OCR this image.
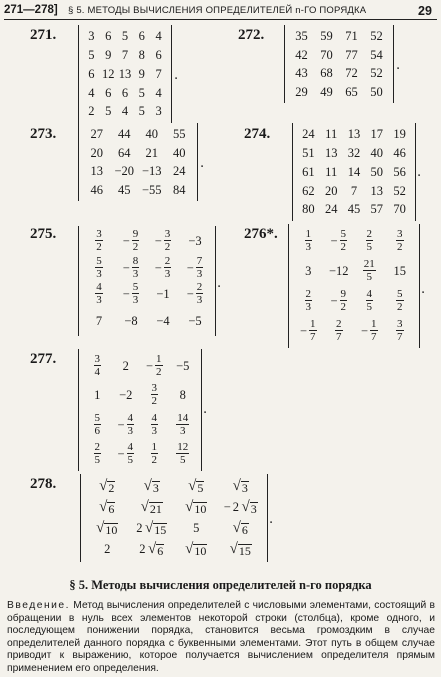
271—278] § 5. МЕТОДЫ ВЫЧИСЛЕНИЯ ОПРЕДЕЛИТЕЛЕЙ n-ГО ПОРЯДКА	29
271.	272.
273.	274.
275.	276*.
277.
278.
3 6 5 6 4
5 9 7 8 6
6 12 13 9 7
4 6 6 5 4
2 5 4 5 3
.
35 59 71 52
42 70 77 54
43 68 72 52
29 49 65 50
.
27 44 40 55
20 64 21 40
13 −20 −13 24
46 45 −55 84
.
24 11 13 17 19
51 13 32 40 46
61 11 14 50 56
62 20 7 13 52
80 24 45 57 70
.
$\frac{3}{2} - \frac{9}{2} - \frac{3}{2} -3$
$\frac{5}{3} - \frac{8}{3} - \frac{2}{3} - \frac{7}{3}$
$\frac{4}{3} - \frac{5}{3} -1 - \frac{2}{3}$
7 −8 −4 −5
.
$\frac{1}{3} - \frac{5}{2} \frac{2}{5} \frac{3}{2}$
$3 -12 \frac{21}{5} 15$
$\frac{2}{3} - \frac{9}{2} \frac{4}{5} \frac{5}{2}$
− $\frac{1}{7} \frac{2}{7} - \frac{1}{7} \frac{3}{7}$
.
$\frac{3}{4} 2 - \frac{1}{2} -5$
$1 -2 \frac{3}{2} 8$
$\frac{5}{6} - \frac{4}{3} \frac{4}{3} \frac{14}{3}$
$\frac{2}{5} - \frac{4}{5} \frac{1}{2} \frac{12}{5}$
.
√ 2 √ 3 √ 5 √ 3
√ 6 √ 21 √ 10 − 2  √ 3
√ 10 2  √ 15 5 √ 6
2 2  √ 6 √ 10 √ 15
.
§ 5. Методы вычисления определителей n-го порядка
Введение. Метод вычисления определителей с числовыми элементами, состоящий в обращении в нуль всех элементов некоторой строки (столбца), кроме одного, и последующем понижении порядка, становится весьма громоздким в случае определителей данного порядка с буквенными элементами. Этот путь в общем случае приводит к выражению, которое получается вычислением определителя прямым применением его определения.
